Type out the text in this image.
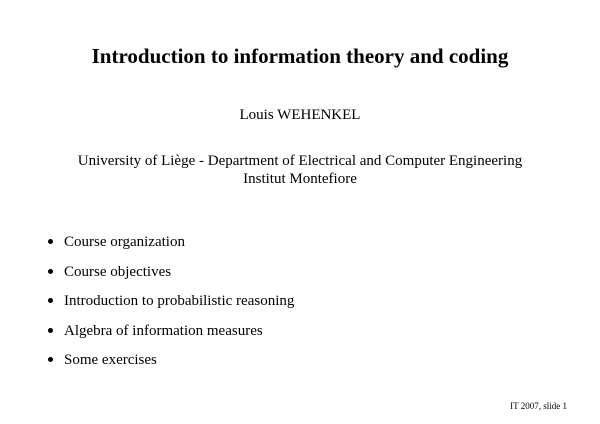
Introduction to information theory and coding
Louis WEHENKEL
University of Liège - Department of Electrical and Computer Engineering
Institut Montefiore
Course organization
Course objectives
Introduction to probabilistic reasoning
Algebra of information measures
Some exercises
IT 2007, slide 1
